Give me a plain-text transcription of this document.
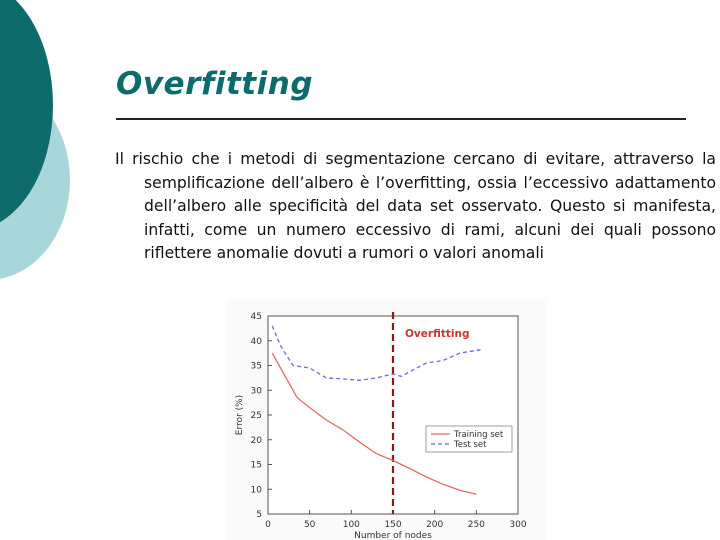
Overfitting
Il rischio che i metodi di segmentazione cercano di evitare, attraverso la semplificazione dell’albero è l’overfitting, ossia l’eccessivo adattamento dell’albero alle specificità del data set osservato. Questo si manifesta, infatti, come un numero eccessivo di rami, alcuni dei quali possono riflettere anomalie dovuti a rumori o valori anomali
0	50	100	150	200	250	300
5
10
15
20
25
30
35
40
45
Number of nodes
Error (%)
Overfitting
Training set
Test set
